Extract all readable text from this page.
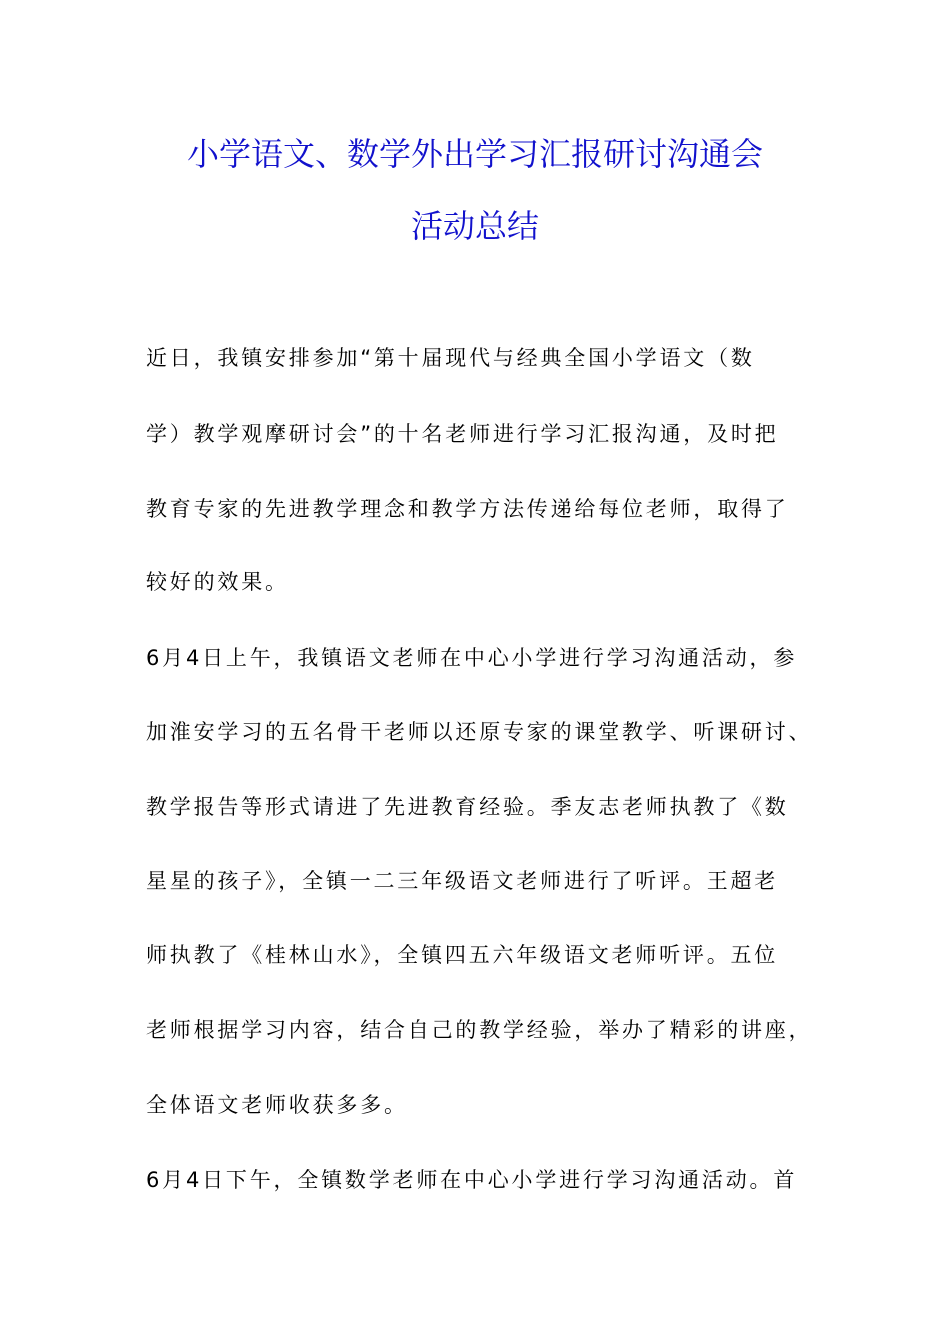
小学语文、数学外出学习汇报研讨沟通会
活动总结
近日，我镇安排参加“第十届现代与经典全国小学语文（数
学）教学观摩研讨会”的十名老师进行学习汇报沟通，及时把
教育专家的先进教学理念和教学方法传递给每位老师，取得了
较好的效果。
6月4日上午，我镇语文老师在中心小学进行学习沟通活动，参
加淮安学习的五名骨干老师以还原专家的课堂教学、听课研讨、
教学报告等形式请进了先进教育经验。季友志老师执教了《数
星星的孩子》，全镇一二三年级语文老师进行了听评。王超老
师执教了《桂林山水》，全镇四五六年级语文老师听评。五位
老师根据学习内容，结合自己的教学经验，举办了精彩的讲座，
全体语文老师收获多多。
6月4日下午，全镇数学老师在中心小学进行学习沟通活动。首
